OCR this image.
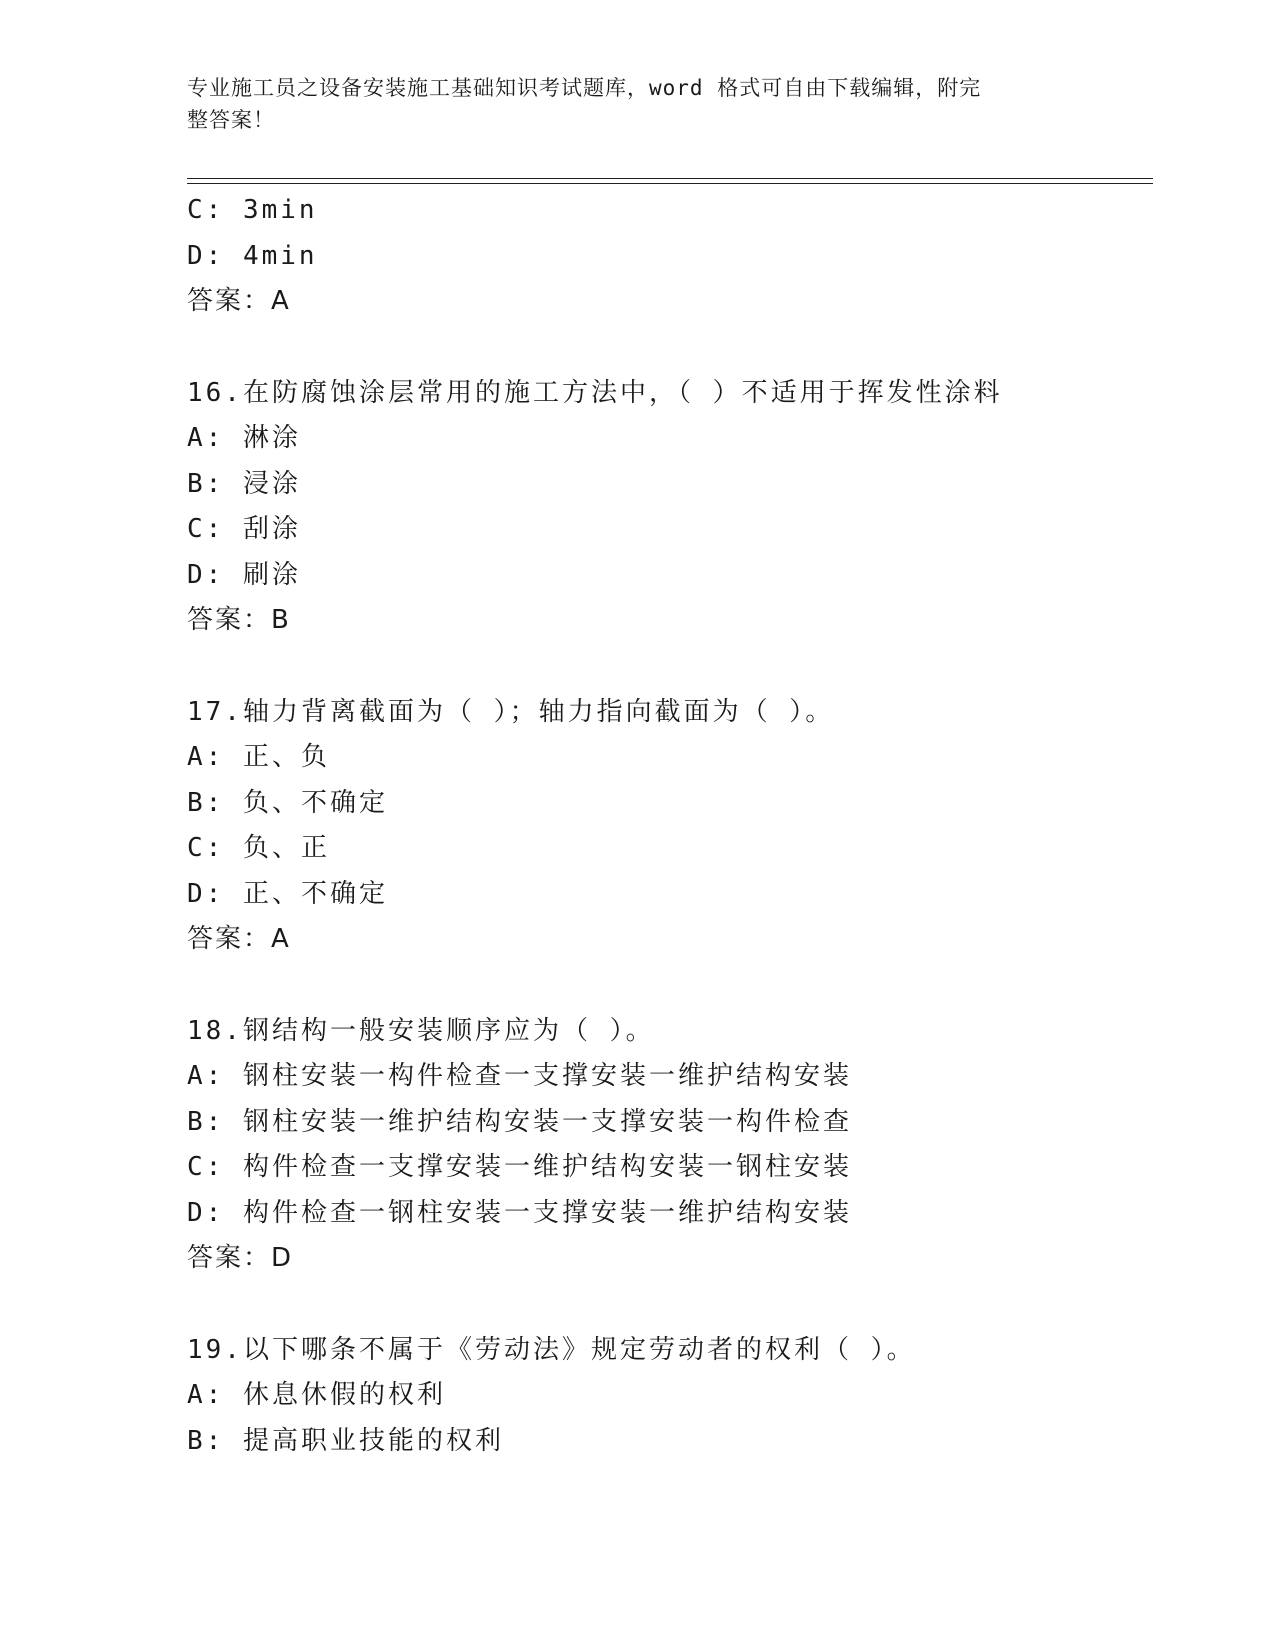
专业施工员之设备安装施工基础知识考试题库，word 格式可自由下载编辑，附完
整答案！
C: 3min
D: 4min
答案：A
16.在防腐蚀涂层常用的施工方法中，（ ）不适用于挥发性涂料
A: 淋涂
B: 浸涂
C: 刮涂
D: 刷涂
答案：B
17.轴力背离截面为（ ）；轴力指向截面为（ ）。
A: 正、负
B: 负、不确定
C: 负、正
D: 正、不确定
答案：A
18.钢结构一般安装顺序应为（ ）。
A: 钢柱安装一构件检查一支撑安装一维护结构安装
B: 钢柱安装一维护结构安装一支撑安装一构件检查
C: 构件检查一支撑安装一维护结构安装一钢柱安装
D: 构件检查一钢柱安装一支撑安装一维护结构安装
答案：D
19.以下哪条不属于《劳动法》规定劳动者的权利（ ）。
A: 休息休假的权利
B: 提高职业技能的权利
